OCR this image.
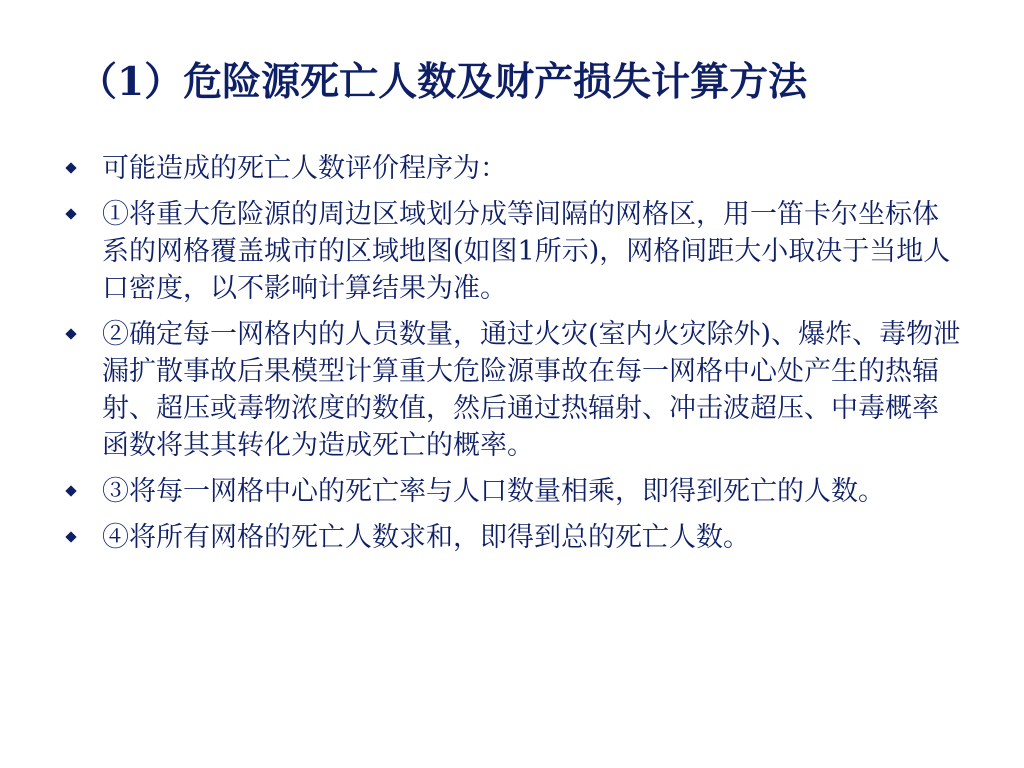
（1）危险源死亡人数及财产损失计算方法
可能造成的死亡人数评价程序为：
①将重大危险源的周边区域划分成等间隔的网格区，用一笛卡尔坐标体系的网格覆盖城市的区域地图(如图1所示)，网格间距大小取决于当地人口密度，以不影响计算结果为准。
②确定每一网格内的人员数量，通过火灾(室内火灾除外)、爆炸、毒物泄漏扩散事故后果模型计算重大危险源事故在每一网格中心处产生的热辐射、超压或毒物浓度的数值，然后通过热辐射、冲击波超压、中毒概率函数将其其转化为造成死亡的概率。
③将每一网格中心的死亡率与人口数量相乘，即得到死亡的人数。
④将所有网格的死亡人数求和，即得到总的死亡人数。
